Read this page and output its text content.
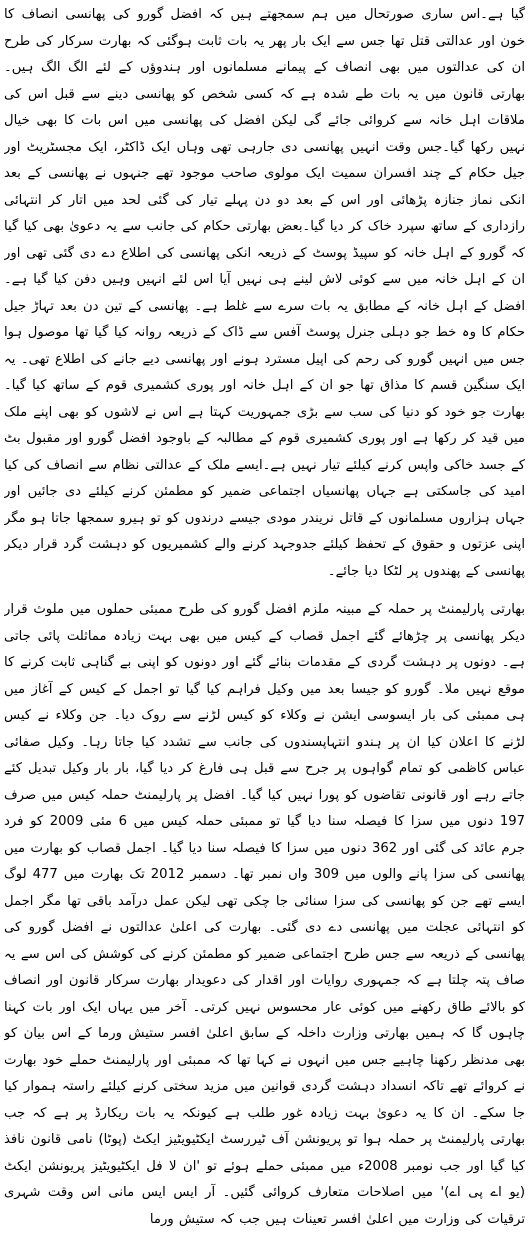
گیا ہے۔اس ساری صورتحال میں ہم سمجھتے ہیں کہ افضل گورو کی پھانسی انصاف کا خون اور عدالتی قتل تھا جس سے ایک بار پھر یہ بات ثابت ہوگئی کہ بھارت سرکار کی طرح ان کی عدالتوں میں بھی انصاف کے پیمانے مسلمانوں اور ہندوؤں کے لئے الگ الگ ہیں۔ بھارتی قانون میں یہ بات طے شدہ ہے کہ کسی شخص کو پھانسی دینے سے قبل اس کی ملاقات اہل خانہ سے کروائی جائے گی لیکن افضل کی پھانسی میں اس بات کا بھی خیال نہیں رکھا گیا۔جس وقت انہیں پھانسی دی جارہی تھی وہاں ایک ڈاکٹر، ایک مجسٹریٹ اور جیل حکام کے چند افسران سمیت ایک مولوی صاحب موجود تھے جنہوں نے پھانسی کے بعد انکی نماز جنازہ پڑھائی اور اس کے بعد دو دن پہلے تیار کی گئی لحد میں اتار کر انتہائی رازداری کے ساتھ سپرد خاک کر دیا گیا۔بعض بھارتی حکام کی جانب سے یہ دعویٰ بھی کیا گیا کہ گورو کے اہل خانہ کو سپیڈ پوسٹ کے ذریعہ انکی پھانسی کی اطلاع دے دی گئی تھی اور ان کے اہل خانہ میں سے کوئی لاش لینے ہی نہیں آیا اس لئے انہیں وہیں دفن کیا گیا ہے۔افضل کے اہل خانہ کے مطابق یہ بات سرے سے غلط ہے۔ پھانسی کے تین دن بعد تہاڑ جیل حکام کا وہ خط جو دہلی جنرل پوسٹ آفس سے ڈاک کے ذریعہ روانہ کیا گیا تھا موصول ہوا جس میں انہیں گورو کی رحم کی اپیل مسترد ہونے اور پھانسی دیے جانے کی اطلاع تھی۔ یہ ایک سنگین قسم کا مذاق تھا جو ان کے اہل خانہ اور پوری کشمیری قوم کے ساتھ کیا گیا۔ بھارت جو خود کو دنیا کی سب سے بڑی جمہوریت کہتا ہے اس نے لاشوں کو بھی اپنے ملک میں قید کر رکھا ہے اور پوری کشمیری قوم کے مطالبہ کے باوجود افضل گورو اور مقبول بٹ کے جسد خاکی واپس کرنے کیلئے تیار نہیں ہے۔ایسے ملک کے عدالتی نظام سے انصاف کی کیا امید کی جاسکتی ہے جہاں پھانسیاں اجتماعی ضمیر کو مطمئن کرنے کیلئے دی جائیں اور جہاں ہزاروں مسلمانوں کے قاتل نریندر مودی جیسے درندوں کو تو ہیرو سمجھا جاتا ہو مگر اپنی عزتوں و حقوق کے تحفظ کیلئے جدوجہد کرنے والے کشمیریوں کو دہشت گرد قرار دیکر پھانسی کے پھندوں پر لٹکا دیا جائے۔

بھارتی پارلیمنٹ پر حملہ کے مبینہ ملزم افضل گورو کی طرح ممبئی حملوں میں ملوث قرار دیکر پھانسی پر چڑھائے گئے اجمل قصاب کے کیس میں بھی بہت زیادہ مماثلت پائی جاتی ہے۔ دونوں پر دہشت گردی کے مقدمات بنائے گئے اور دونوں کو اپنی بے گناہی ثابت کرنے کا موقع نہیں ملا۔ گورو کو جیسا بعد میں وکیل فراہم کیا گیا تو اجمل کے کیس کے آغاز میں ہی ممبئی کی بار ایسوسی ایشن نے وکلاء کو کیس لڑنے سے روک دیا۔ جن وکلاء نے کیس لڑنے کا اعلان کیا ان پر ہندو انتہاپسندوں کی جانب سے تشدد کیا جاتا رہا۔ وکیل صفائی عباس کاظمی کو تمام گواہوں پر جرح سے قبل ہی فارغ کر دیا گیا، بار بار وکیل تبدیل کئے جاتے رہے اور قانونی تقاضوں کو پورا نہیں کیا گیا۔ افضل پر پارلیمنٹ حملہ کیس میں صرف 197 دنوں میں سزا کا فیصلہ سنا دیا گیا تو ممبئی حملہ کیس میں 6 مئی 2009 کو فرد جرم عائد کی گئی اور 362 دنوں میں سزا کا فیصلہ سنا دیا گیا۔ اجمل قصاب کو بھارت میں پھانسی کی سزا پانے والوں میں 309 واں نمبر تھا۔ دسمبر 2012 تک بھارت میں 477 لوگ ایسے تھے جن کو پھانسی کی سزا سنائی جا چکی تھی لیکن عمل درآمد باقی تھا مگر اجمل کو انتہائی عجلت میں پھانسی دے دی گئی۔ بھارت کی اعلیٰ عدالتوں نے افضل گورو کی پھانسی کے ذریعہ سے جس طرح اجتماعی ضمیر کو مطمئن کرنے کی کوشش کی اس سے یہ صاف پتہ چلتا ہے کہ جمہوری روایات اور اقدار کی دعویدار بھارت سرکار قانون اور انصاف کو بالائے طاق رکھنے میں کوئی عار محسوس نہیں کرتی۔ آخر میں یہاں ایک اور بات کہنا چاہوں گا کہ ہمیں بھارتی وزارت داخلہ کے سابق اعلیٰ افسر ستیش ورما کے اس بیان کو بھی مدنظر رکھنا چاہیے جس میں انہوں نے کہا تھا کہ ممبئی اور پارلیمنٹ حملے خود بھارت نے کروائے تھے تاکہ انسداد دہشت گردی قوانین میں مزید سختی کرنے کیلئے راستہ ہموار کیا جا سکے۔ ان کا یہ دعویٰ بہت زیادہ غور طلب ہے کیونکہ یہ بات ریکارڈ پر ہے کہ جب بھارتی پارلیمنٹ پر حملہ ہوا تو پریونشن آف ٹیررسٹ ایکٹیویٹیز ایکٹ (پوٹا) نامی قانون نافذ کیا گیا اور جب نومبر 2008ء میں ممبئی حملے ہوئے تو 'ان لا فل ایکٹیویٹیز پریونشن ایکٹ (یو اے پی اے)' میں اصلاحات متعارف کروائی گئیں۔ آر ایس ایس مانی اس وقت شہری ترقیات کی وزارت میں اعلیٰ افسر تعینات ہیں جب کہ ستیش ورما
